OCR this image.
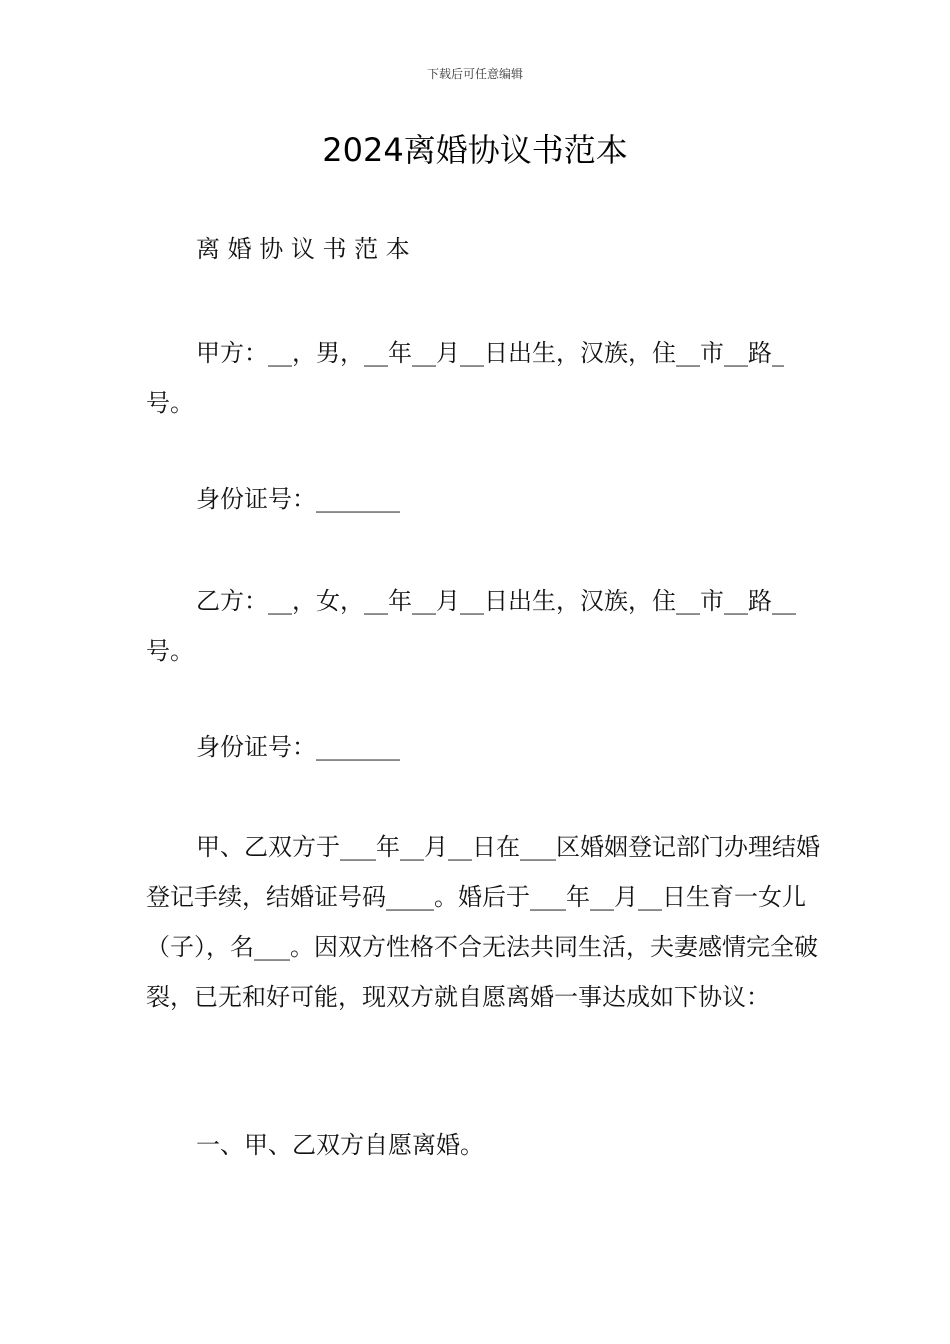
下载后可任意编辑
2024离婚协议书范本

离 婚 协 议 书 范 本

甲方：__，男，__年__月__日出生，汉族，住__市__路_号。

身份证号：_______

乙方：__，女，__年__月__日出生，汉族，住__市__路__号。

身份证号：_______

甲、乙双方于___年__月__日在___区婚姻登记部门办理结婚登记手续，结婚证号码____。婚后于___年__月__日生育一女儿（子），名___。因双方性格不合无法共同生活，夫妻感情完全破裂，已无和好可能，现双方就自愿离婚一事达成如下协议：

一、甲、乙双方自愿离婚。
